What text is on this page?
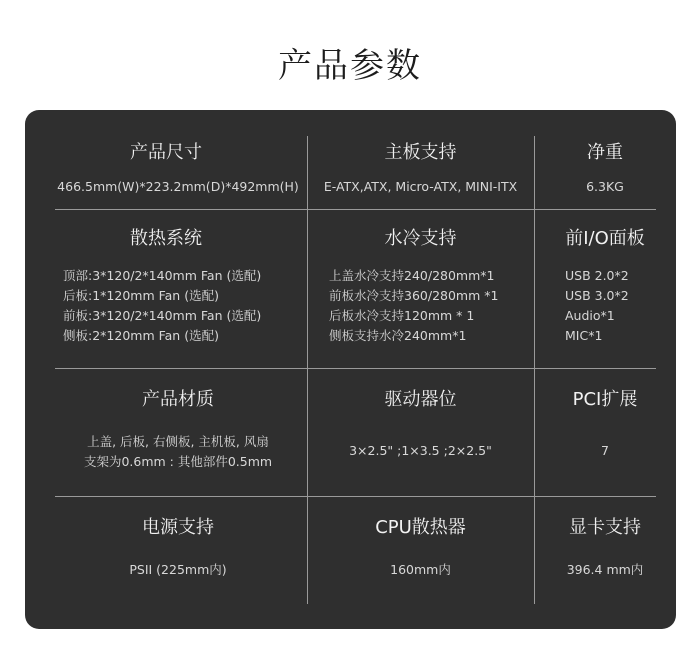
产品参数
产品尺寸
466.5mm(W)*223.2mm(D)*492mm(H)
主板支持
E-ATX,ATX, Micro-ATX, MINI-ITX
净重
6.3KG
散热系统
顶部:3*120/2*140mm Fan (选配)
后板:1*120mm Fan (选配)
前板:3*120/2*140mm Fan (选配)
侧板:2*120mm Fan (选配)
水冷支持
上盖水冷支持240/280mm*1
前板水冷支持360/280mm *1
后板水冷支持120mm * 1
侧板支持水冷240mm*1
前I/O面板
USB 2.0*2
USB 3.0*2
Audio*1
MIC*1
产品材质
上盖, 后板, 右侧板, 主机板, 风扇
支架为0.6mm : 其他部件0.5mm
驱动器位
3×2.5" ;1×3.5 ;2×2.5"
PCI扩展
7
电源支持
PSII (225mm内)
CPU散热器
160mm内
显卡支持
396.4 mm内
